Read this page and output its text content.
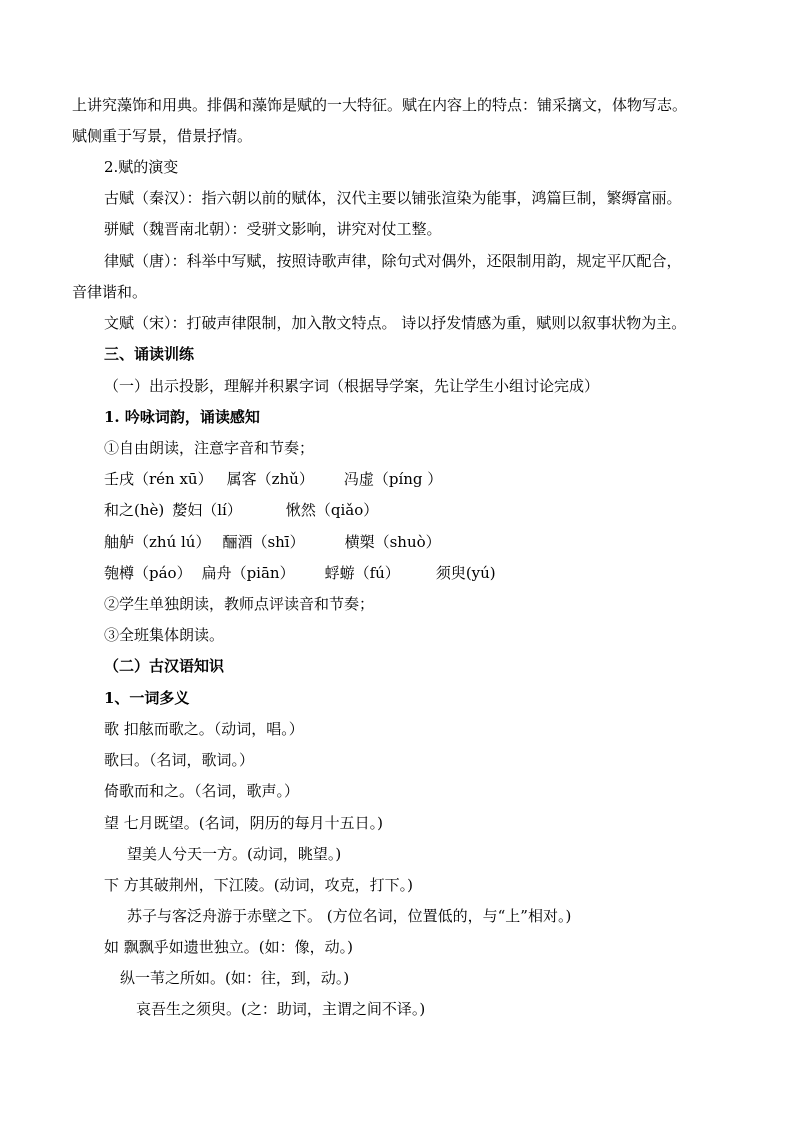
上讲究藻饰和用典。排偶和藻饰是赋的一大特征。赋在内容上的特点：铺采摛文，体物写志。
赋侧重于写景，借景抒情。
2.赋的演变
古赋（秦汉）：指六朝以前的赋体，汉代主要以铺张渲染为能事，鸿篇巨制，繁缛富丽。
骈赋（魏晋南北朝）：受骈文影响，讲究对仗工整。
律赋（唐）：科举中写赋，按照诗歌声律，除句式对偶外，还限制用韵，规定平仄配合，
音律谐和。
文赋（宋）：打破声律限制，加入散文特点。 诗以抒发情感为重，赋则以叙事状物为主。
三、诵读训练
（一）出示投影，理解并积累字词（根据导学案，先让学生小组讨论完成）
1. 吟咏词韵，诵读感知
①自由朗读，注意字音和节奏；
壬戌（rén xū） 属客（zhǔ） 冯虚（píng ）
和之(hè) 嫠妇（lí）	愀然（qiǎo）
舳舻（zhú lú） 酾酒（shī）	横槊（shuò）
匏樽（páo） 扁舟（piān） 蜉蝣（fú） 须臾(yú)
②学生单独朗读，教师点评读音和节奏；
③全班集体朗读。
（二）古汉语知识
1、一词多义
歌 扣舷而歌之。（动词，唱。）
歌曰。（名词，歌词。）
倚歌而和之。（名词，歌声。）
望 七月既望。(名词，阴历的每月十五日。)
望美人兮天一方。(动词，眺望。)
下 方其破荆州，下江陵。(动词，攻克，打下。)
苏子与客泛舟游于赤壁之下。 (方位名词，位置低的，与“上”相对。)
如 飘飘乎如遗世独立。(如：像，动。)
纵一苇之所如。(如：往，到，动。)
哀吾生之须臾。(之：助词，主谓之间不译。)
